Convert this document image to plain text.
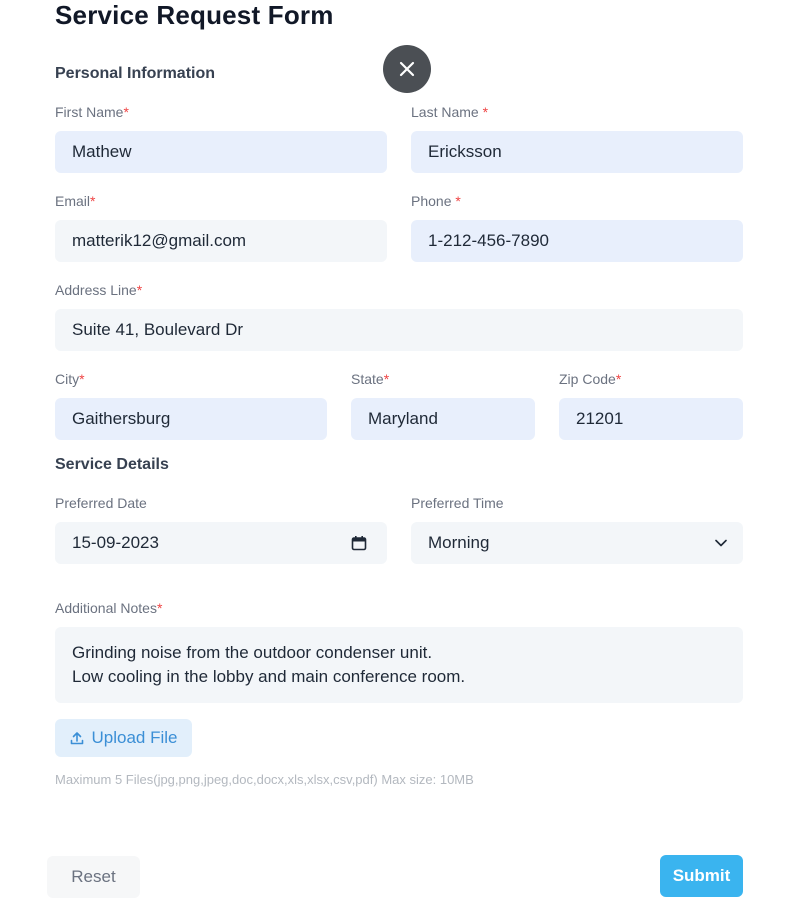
Service Request Form
Personal Information
First Name*
Mathew
Last Name *
Ericksson
Email*
matterik12@gmail.com
Phone *
1-212-456-7890
Address Line*
Suite 41, Boulevard Dr
City*
Gaithersburg
State*
Maryland
Zip Code*
21201
Service Details
Preferred Date
15-09-2023
Preferred Time
Morning
Additional Notes*
Grinding noise from the outdoor condenser unit.
Low cooling in the lobby and main conference room.
Upload File
Maximum 5 Files(jpg,png,jpeg,doc,docx,xls,xlsx,csv,pdf) Max size: 10MB
Reset	Submit
